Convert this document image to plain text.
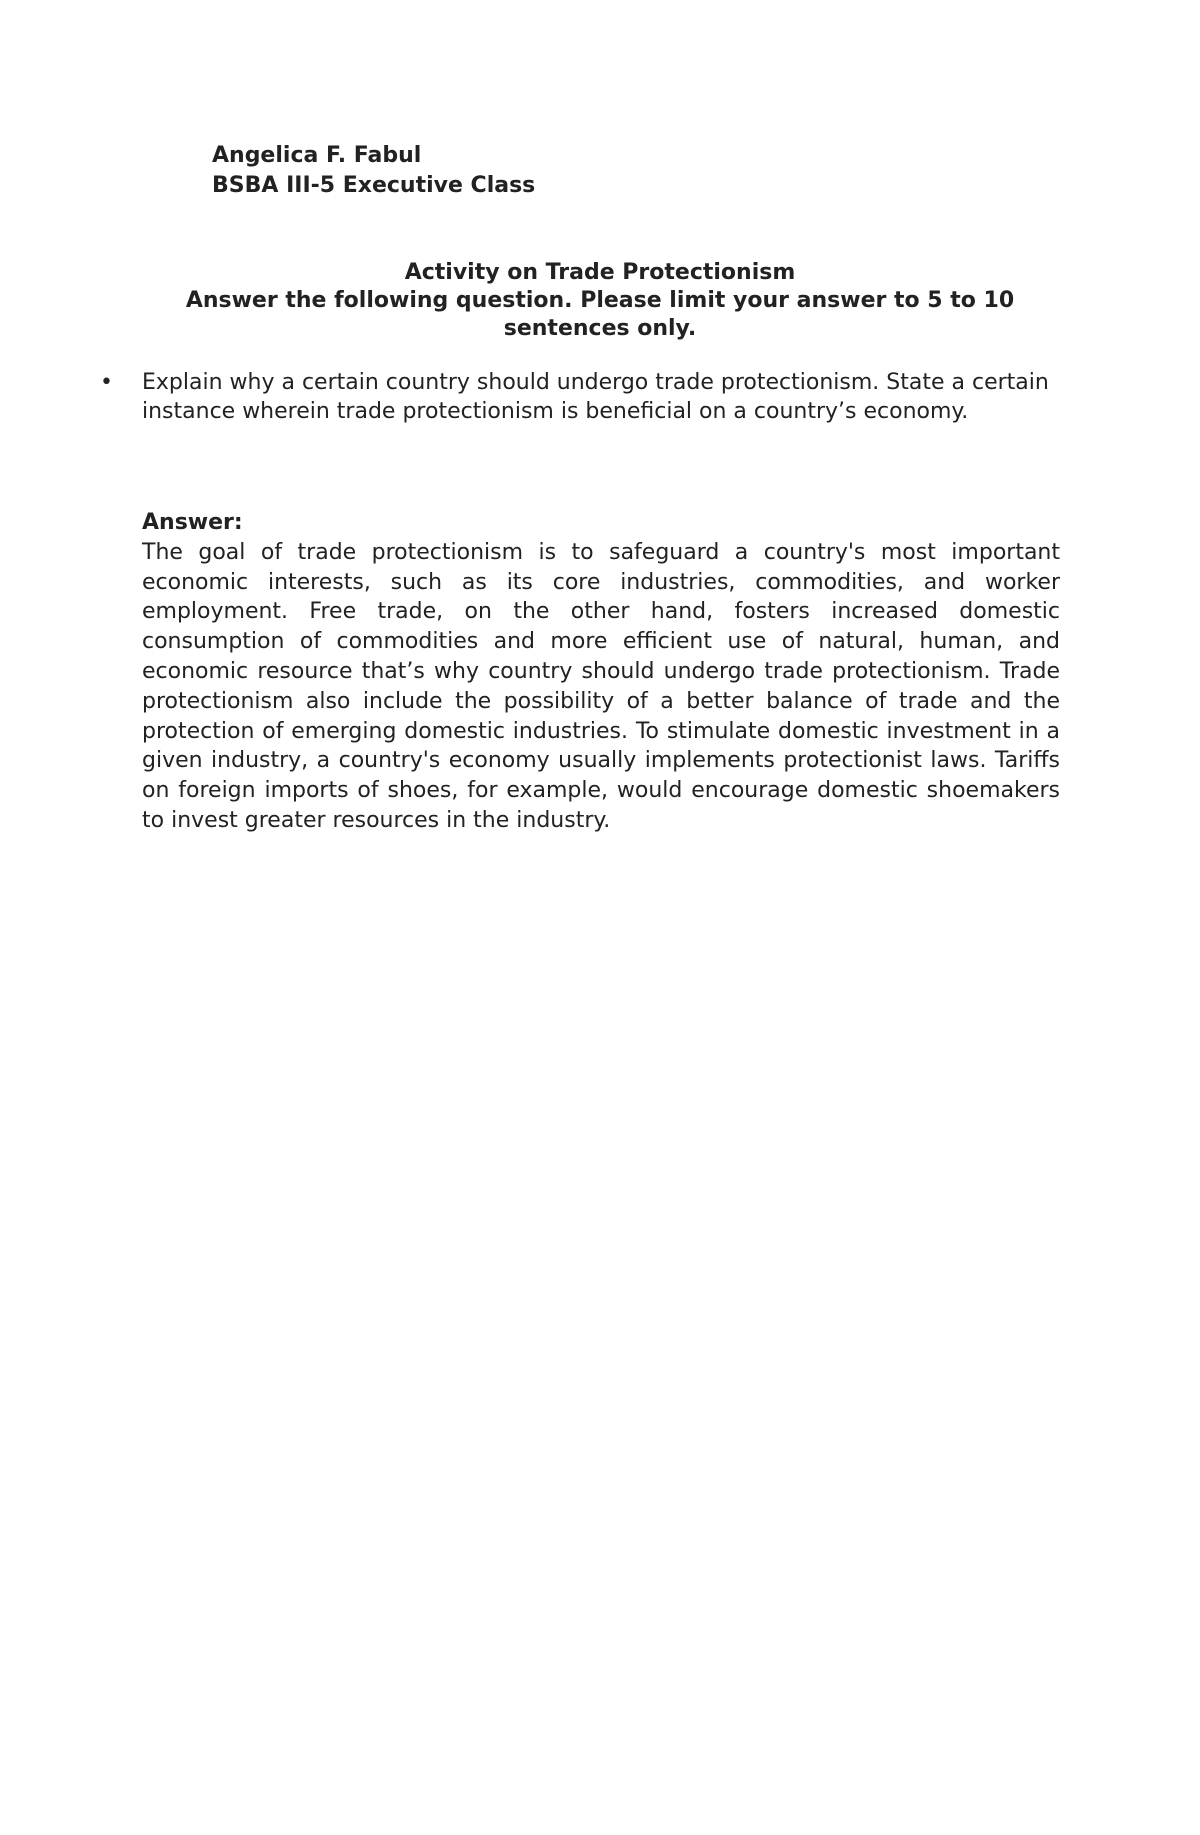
Angelica F. Fabul
BSBA III-5 Executive Class
Activity on Trade Protectionism
Answer the following question. Please limit your answer to 5 to 10 sentences only.
•	Explain why a certain country should undergo trade protectionism. State a certain instance wherein trade protectionism is beneficial on a country’s economy.
Answer:
The goal of trade protectionism is to safeguard a country's most important economic interests, such as its core industries, commodities, and worker employment. Free trade, on the other hand, fosters increased domestic consumption of commodities and more efficient use of natural, human, and economic resource that’s why country should undergo trade protectionism. Trade protectionism also include the possibility of a better balance of trade and the protection of emerging domestic industries. To stimulate domestic investment in a given industry, a country's economy usually implements protectionist laws. Tariffs on foreign imports of shoes, for example, would encourage domestic shoemakers to invest greater resources in the industry.
